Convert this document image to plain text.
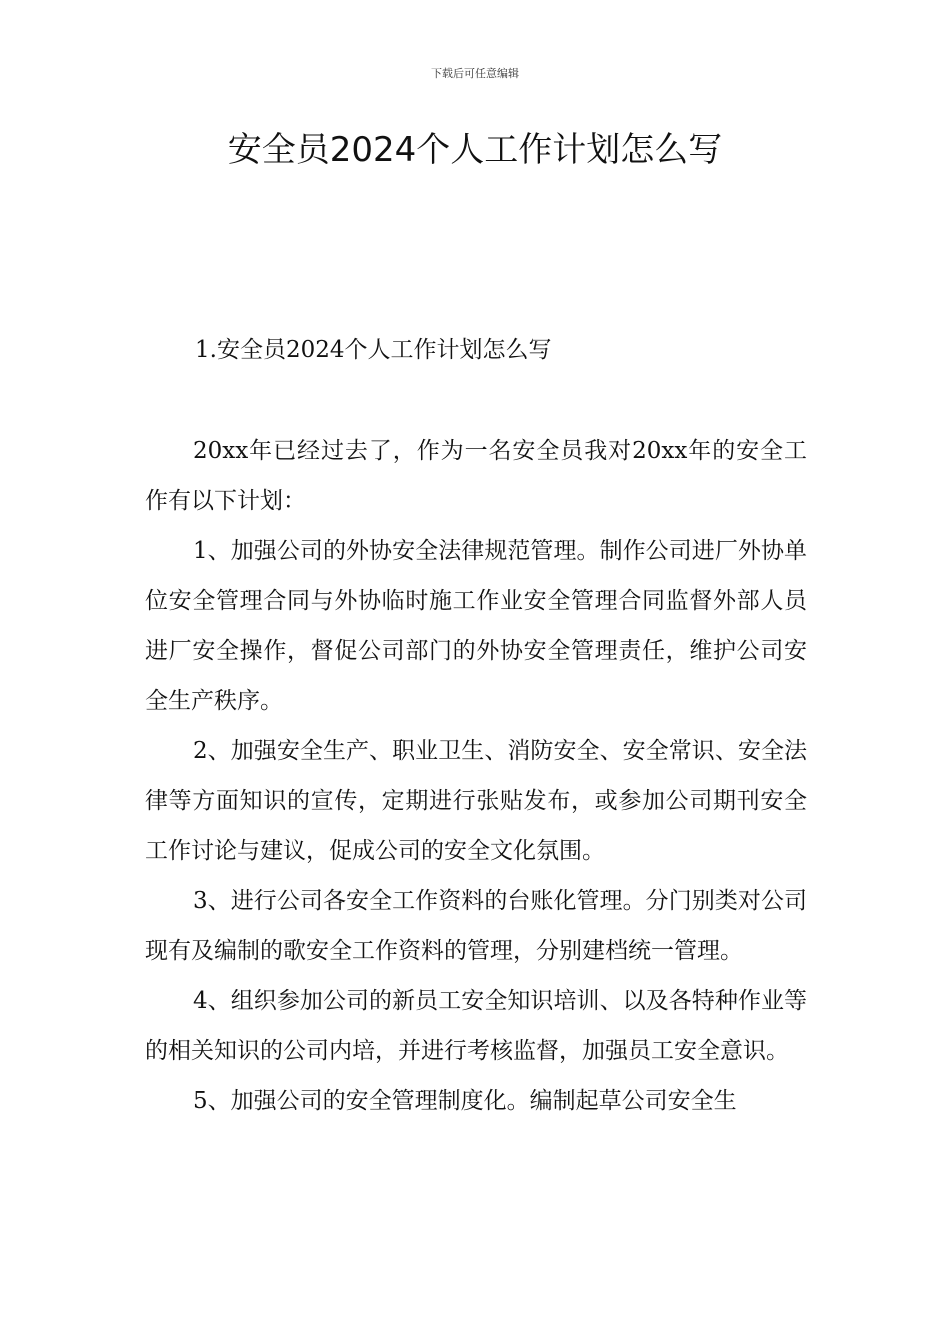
下载后可任意编辑
安全员2024个人工作计划怎么写
1.安全员2024个人工作计划怎么写

20xx年已经过去了，作为一名安全员我对20xx年的安全工作有以下计划：

1、加强公司的外协安全法律规范管理。制作公司进厂外协单位安全管理合同与外协临时施工作业安全管理合同监督外部人员进厂安全操作，督促公司部门的外协安全管理责任，维护公司安全生产秩序。

2、加强安全生产、职业卫生、消防安全、安全常识、安全法律等方面知识的宣传，定期进行张贴发布，或参加公司期刊安全工作讨论与建议，促成公司的安全文化氛围。

3、进行公司各安全工作资料的台账化管理。分门别类对公司现有及编制的歌安全工作资料的管理，分别建档统一管理。

4、组织参加公司的新员工安全知识培训、以及各特种作业等的相关知识的公司内培，并进行考核监督，加强员工安全意识。

5、加强公司的安全管理制度化。编制起草公司安全生
